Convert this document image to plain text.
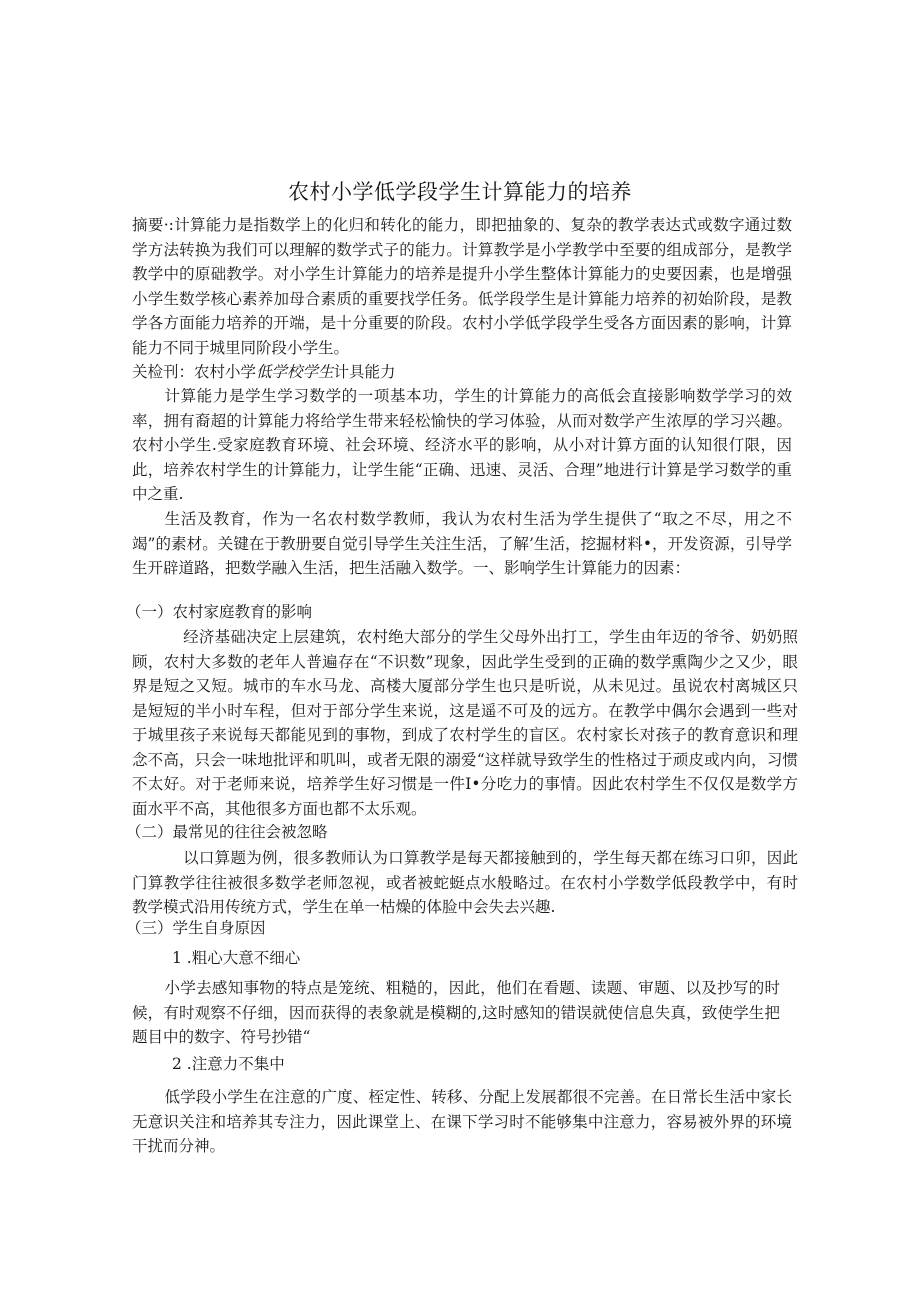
农村小学低学段学生计算能力的培养

摘要·:计算能力是指数学上的化归和转化的能力，即把抽象的、复杂的教学表达式或数字通过数学方法转换为我们可以理解的数学式子的能力。计算教学是小学教学中至要的组成部分，是教学教学中的原础教学。对小学生计算能力的培养是提升小学生整体计算能力的史要因素，也是增强小学生数学核心素养加母合素质的重要找学任务。低学段学生是计算能力培养的初始阶段，是教学各方面能力培养的开端，是十分重要的阶段。农村小学低学段学生受各方面因素的影响，计算能力不同于城里同阶段小学生。

关检刊：农村小学低学校学生计具能力

计算能力是学生学习数学的一项基本功，学生的计算能力的高低会直接影响数学学习的效率，拥有裔超的计算能力将给学生带来轻松愉快的学习体验，从而对数学产生浓厚的学习兴趣。农村小学生.受家庭教育环境、社会环境、经济水平的影响，从小对计算方面的认知很仃限，因此，培养农村学生的计算能力，让学生能“正确、迅速、灵活、合理”地进行计算是学习数学的重中之重.

生活及教育，作为一名农村数学教师，我认为农村生活为学生提供了“取之不尽，用之不竭”的素材。关键在于教册要自觉引导学生关注生活，了解’生活，挖掘材料•，开发资源，引导学生开辟道路，把数学融入生活，把生活融入数学。一、影响学生计算能力的因素：

（一）农村家庭教育的影响

经济基础决定上层建筑，农村绝大部分的学生父母外出打工，学生由年迈的爷爷、奶奶照顾，农村大多数的老年人普遍存在“不识数”现象，因此学生受到的正确的数学熏陶少之又少，眼界是短之又短。城市的车水马龙、高楼大厦部分学生也只是听说，从未见过。虽说农村离城区只是短短的半小时车程，但对于部分学生来说，这是遥不可及的远方。在教学中偶尔会遇到一些对于城里孩子来说每天都能见到的事物，到成了农村学生的盲区。农村家长对孩子的教育意识和理念不高，只会一味地批评和叽叫，或者无限的溺爱“这样就导致学生的性格过于顽皮或内向，习惯不太好。对于老师来说，培养学生好习惯是一件I•分吃力的事情。因此农村学生不仅仅是数学方面水平不高，其他很多方面也都不太乐观。

（二）最常见的往往会被忽略

以口算题为例，很多教师认为口算教学是每天都接触到的，学生每天都在练习口卯，因此门算教学往往被很多数学老师忽视，或者被蛇蜓点水般略过。在农村小学数学低段教学中，有时教学模式沿用传统方式，学生在单一枯燥的体脸中会失去兴趣.

（三）学生自身原因

1 .粗心大意不细心

小学去感知事物的特点是笼统、粗糙的，因此，他们在看题、读题、审题、以及抄写的时候，有时观察不仔细，因而获得的表象就是模糊的,这时感知的错误就使信息失真，致使学生把题目中的数字、符号抄错“

2 .注意力不集中

低学段小学生在注意的广度、桎定性、转移、分配上发展都很不完善。在日常长生活中家长无意识关注和培养其专注力，因此课堂上、在课下学习时不能够集中注意力，容易被外界的环境干扰而分神。
